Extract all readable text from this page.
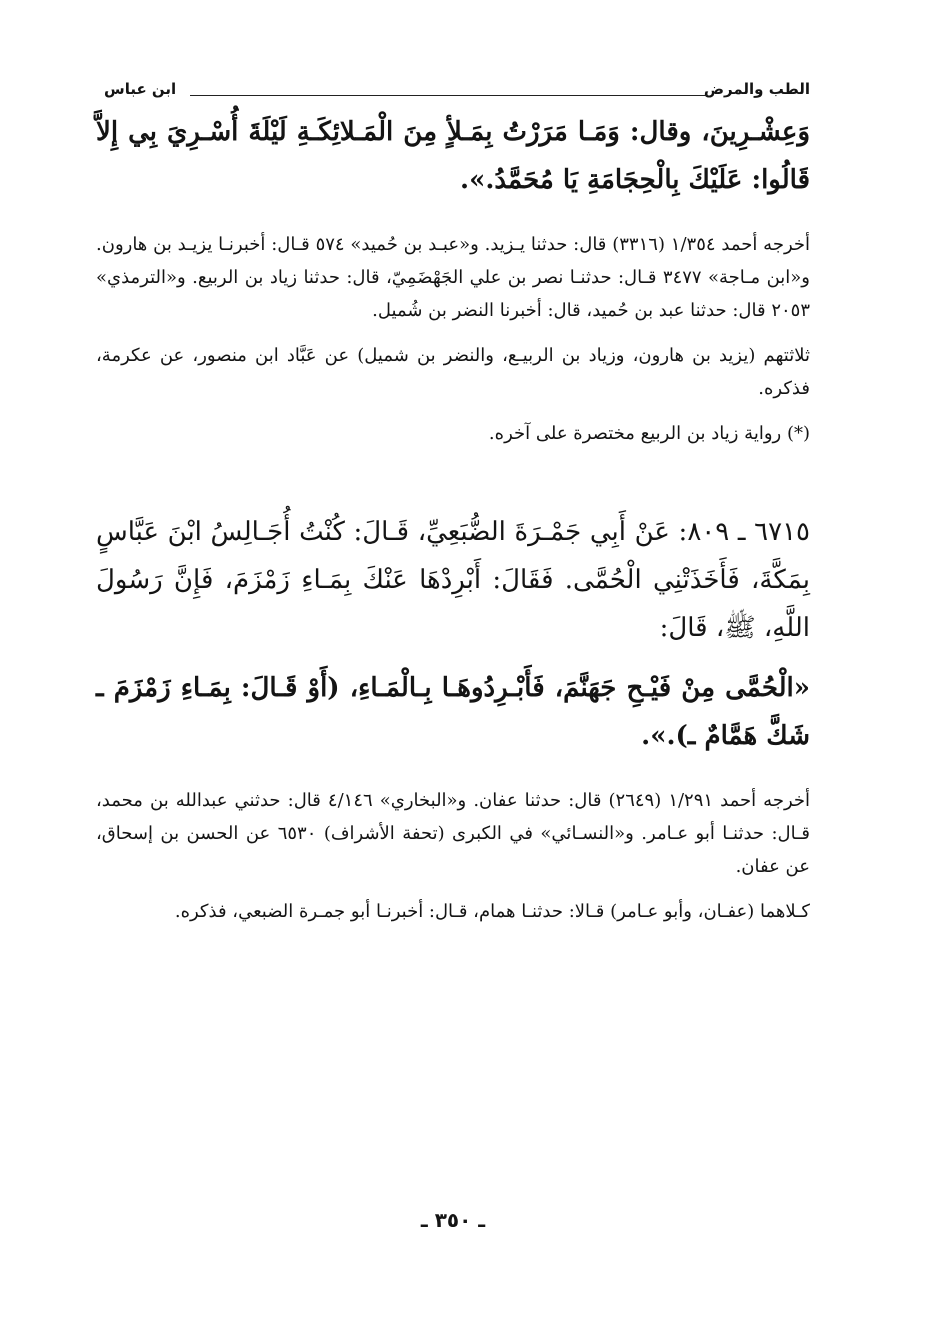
الطب والمرض
ابن عباس

وَعِشْـرِينَ، وقال: وَمَـا مَرَرْتُ بِمَـلأٍ مِنَ الْمَـلائِكَـةِ لَيْلَةَ أُسْـرِيَ بِي إِلاَّ قَالُوا: عَلَيْكَ بِالْحِجَامَةِ يَا مُحَمَّدُ.».

أخرجه أحمد ١/٣٥٤ (٣٣١٦) قال: حدثنا يـزيد. و«عبـد بن حُميد» ٥٧٤ قـال: أخبرنـا يزيـد بن هارون. و«ابن مـاجة» ٣٤٧٧ قـال: حدثنـا نصر بن علي الجَهْضَمِيّ، قال: حدثنا زياد بن الربيع. و«الترمذي» ٢٠٥٣ قال: حدثنا عبد بن حُميد، قال: أخبرنا النضر بن شُميل.

ثلاثتهم (يزيد بن هارون، وزياد بن الربيـع، والنضر بن شميل) عن عَبَّاد ابن منصور، عن عكرمة، فذكره.

(*) رواية زياد بن الربيع مختصرة على آخره.

٦٧١٥ ـ ٨٠٩: عَنْ أَبِي جَمْـرَةَ الضُّبَعِيِّ، قَـالَ: كُنْتُ أُجَـالِسُ ابْنَ عَبَّاسٍ بِمَكَّةَ، فَأَخَذَتْنِي الْحُمَّى. فَقَالَ: أَبْرِدْهَا عَنْكَ بِمَـاءِ زَمْزَمَ، فَإِنَّ رَسُولَ اللَّهِ، ﷺ، قَالَ:

«الْحُمَّى مِنْ فَيْـحِ جَهَنَّمَ، فَأَبْـرِدُوهَـا بِـالْمَـاءِ، (أَوْ قَـالَ: بِمَـاءِ زَمْزَمَ ـ شَكَّ هَمَّامٌ ـ).».

أخرجه أحمد ١/٢٩١ (٢٦٤٩) قال: حدثنا عفان. و«البخاري» ٤/١٤٦ قال: حدثني عبدالله بن محمد، قـال: حدثنـا أبو عـامر. و«النسـائي» في الكبرى (تحفة الأشراف) ٦٥٣٠ عن الحسن بن إسحاق، عن عفان.

كـلاهما (عفـان، وأبو عـامر) قـالا: حدثنـا همام، قـال: أخبرنـا أبو جمـرة الضبعي، فذكره.

ـ ٣٥٠ ـ
